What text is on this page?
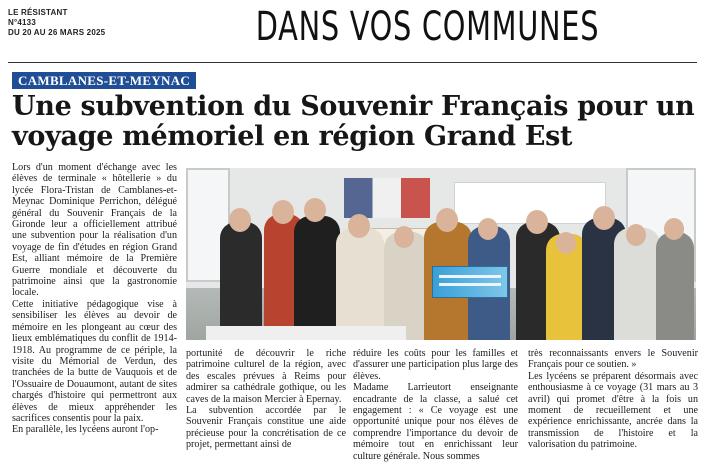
LE RÉSISTANT
N°4133
DU 20 AU 26 MARS 2025	DANS VOS COMMUNES
CAMBLANES-ET-MEYNAC
Une subvention du Souvenir Français pour un voyage mémoriel en région Grand Est

Lors d'un moment d'échange avec les élèves de terminale « hôtellerie » du lycée Flora-Tristan de Camblanes-et-Meynac Dominique Perrichon, délégué général du Souvenir Français de la Gironde leur a officiellement attribué une subvention pour la réalisation d'un voyage de fin d'études en région Grand Est, alliant mémoire de la Première Guerre mondiale et découverte du patrimoine ainsi que la gastronomie locale.

Cette initiative pédagogique vise à sensibiliser les élèves au devoir de mémoire en les plongeant au cœur des lieux emblématiques du conflit de 1914-1918. Au programme de ce périple, la visite du Mémorial de Verdun, des tranchées de la butte de Vauquois et de l'Ossuaire de Douaumont, autant de sites chargés d'histoire qui permettront aux élèves de mieux appréhender les sacrifices consentis pour la paix.

En parallèle, les lycéens auront l'op-

portunité de découvrir le riche patrimoine culturel de la région, avec des escales prévues à Reims pour admirer sa cathédrale gothique, ou les caves de la maison Mercier à Epernay.

La subvention accordée par le Souvenir Français constitue une aide précieuse pour la concrétisation de ce projet, permettant ainsi de

réduire les coûts pour les familles et d'assurer une participation plus large des élèves.

Madame Larrieutort enseignante encadrante de la classe, a salué cet engagement : « Ce voyage est une opportunité unique pour nos élèves de comprendre l'importance du devoir de mémoire tout en enrichissant leur culture générale. Nous sommes

très reconnaissants envers le Souvenir Français pour ce soutien. »

Les lycéens se préparent désormais avec enthousiasme à ce voyage (31 mars au 3 avril) qui promet d'être à la fois un moment de recueillement et une expérience enrichissante, ancrée dans la transmission de l'histoire et la valorisation du patrimoine.
